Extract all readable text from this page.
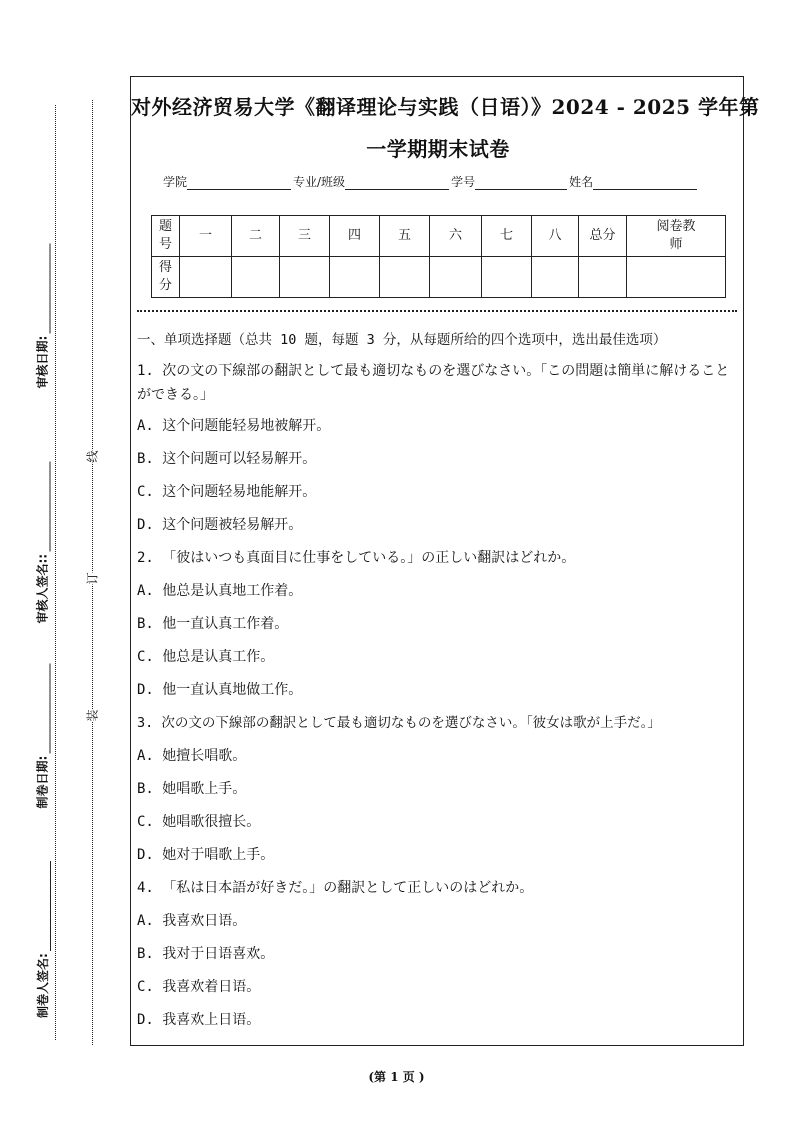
审核日期:
审核人签名::
制卷日期:
制卷人签名:
线
订
装
对外经济贸易大学《翻译理论与实践（日语）》2024 - 2025 学年第
一学期期末试卷
学院	专业/班级	学号	姓名
题号	一	二	三	四	五	六	七	八	总分	阅卷教师
得分										
一、单项选择题（总共 10 题，每题 3 分，从每题所给的四个选项中，选出最佳选项）
1. 次の文の下線部の翻訳として最も適切なものを選びなさい。「この問題は簡単に解けることができる。」
A. 这个问题能轻易地被解开。
B. 这个问题可以轻易解开。
C. 这个问题轻易地能解开。
D. 这个问题被轻易解开。
2. 「彼はいつも真面目に仕事をしている。」の正しい翻訳はどれか。
A. 他总是认真地工作着。
B. 他一直认真工作着。
C. 他总是认真工作。
D. 他一直认真地做工作。
3. 次の文の下線部の翻訳として最も適切なものを選びなさい。「彼女は歌が上手だ。」
A. 她擅长唱歌。
B. 她唱歌上手。
C. 她唱歌很擅长。
D. 她对于唱歌上手。
4. 「私は日本語が好きだ。」の翻訳として正しいのはどれか。
A. 我喜欢日语。
B. 我对于日语喜欢。
C. 我喜欢着日语。
D. 我喜欢上日语。
(第 1 页 )
